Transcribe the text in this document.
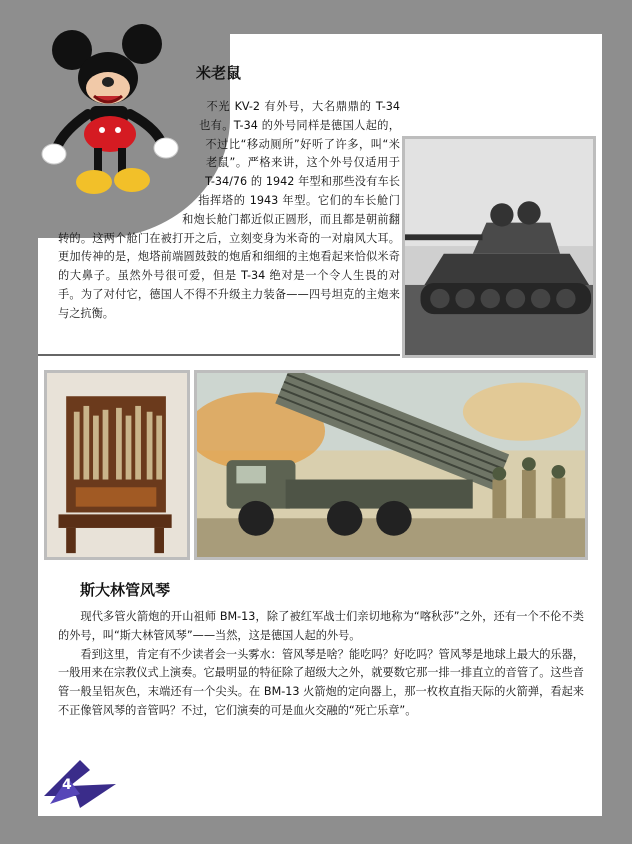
米老鼠

不光 KV-2 有外号，大名鼎鼎的 T-34 也有。T-34 的外号同样是德国人起的，不过比“移动厕所”好听了许多，叫“米老鼠”。严格来讲，这个外号仅适用于 T-34/76 的 1942 年型和那些没有车长指挥塔的 1943 年型。它们的车长舱门和炮长舱门都近似正圆形，而且都是朝前翻转的。这两个舱门在被打开之后，立刻变身为米奇的一对扇风大耳。更加传神的是，炮塔前端圆鼓鼓的炮盾和细细的主炮看起来恰似米奇的大鼻子。虽然外号很可爱，但是 T-34 绝对是一个令人生畏的对手。为了对付它，德国人不得不升级主力装备——四号坦克的主炮来与之抗衡。

斯大林管风琴

现代多管火箭炮的开山祖师 BM-13，除了被红军战士们亲切地称为“喀秋莎”之外，还有一个不伦不类的外号，叫“斯大林管风琴”——当然，这是德国人起的外号。

看到这里，肯定有不少读者会一头雾水：管风琴是啥？能吃吗？好吃吗？管风琴是地球上最大的乐器，一般用来在宗教仪式上演奏。它最明显的特征除了超级大之外，就要数它那一排一排直立的音管了。这些音管一般呈铝灰色，末端还有一个尖头。在 BM-13 火箭炮的定向器上，那一枚枚直指天际的火箭弹，看起来不正像管风琴的音管吗？不过，它们演奏的可是血火交融的“死亡乐章”。

4
